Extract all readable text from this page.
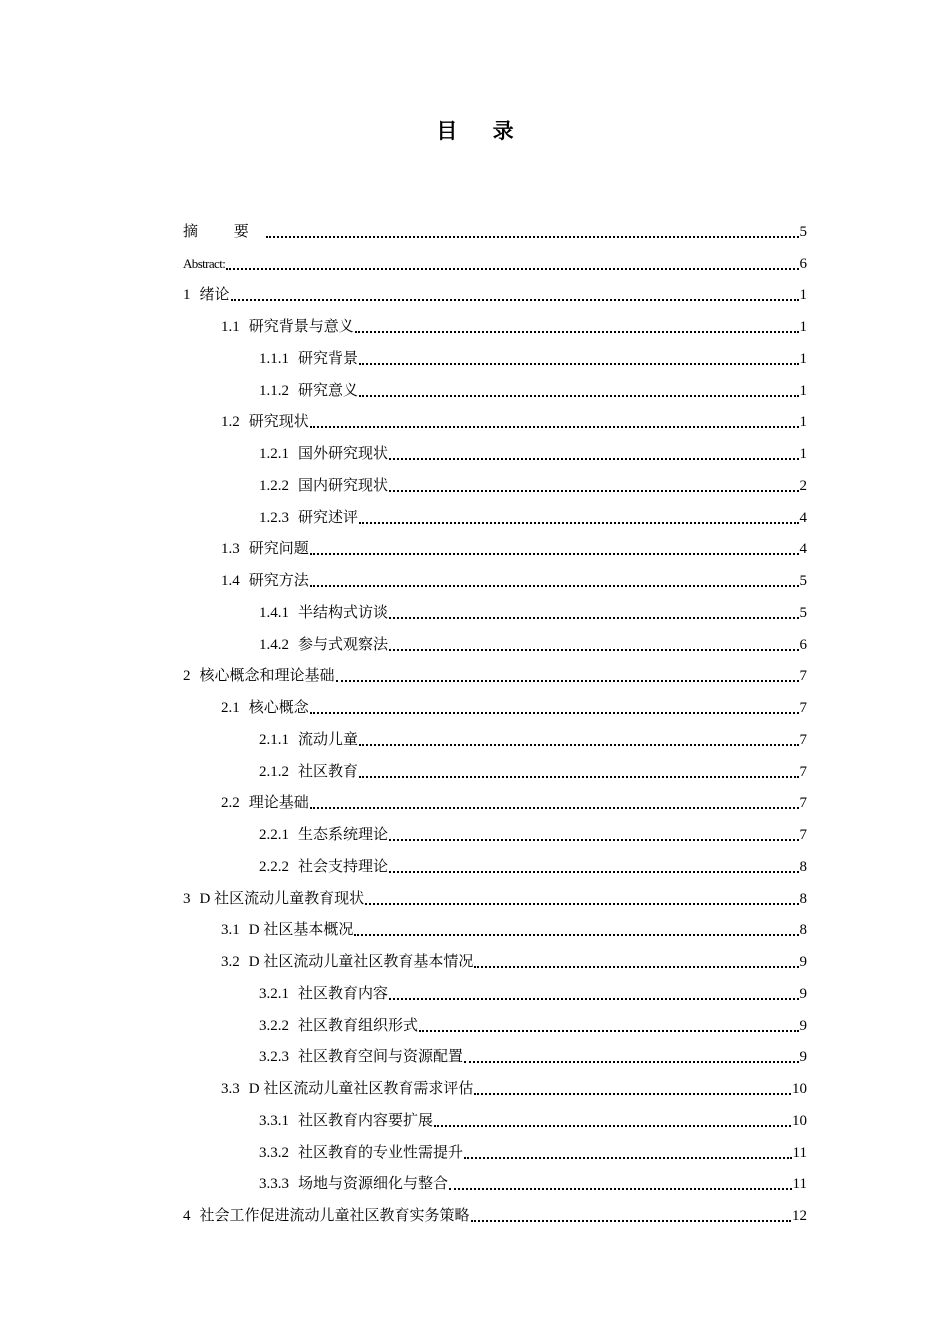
目 录
摘 要	5
Abstract:	6
1 绪论	1
1.1 研究背景与意义	1
1.1.1 研究背景	1
1.1.2 研究意义	1
1.2 研究现状	1
1.2.1 国外研究现状	1
1.2.2 国内研究现状	2
1.2.3 研究述评	4
1.3 研究问题	4
1.4 研究方法	5
1.4.1 半结构式访谈	5
1.4.2 参与式观察法	6
2 核心概念和理论基础	7
2.1 核心概念	7
2.1.1 流动儿童	7
2.1.2 社区教育	7
2.2 理论基础	7
2.2.1 生态系统理论	7
2.2.2 社会支持理论	8
3 D 社区流动儿童教育现状	8
3.1 D 社区基本概况	8
3.2 D 社区流动儿童社区教育基本情况	9
3.2.1 社区教育内容	9
3.2.2 社区教育组织形式	9
3.2.3 社区教育空间与资源配置	9
3.3 D 社区流动儿童社区教育需求评估	10
3.3.1 社区教育内容要扩展	10
3.3.2 社区教育的专业性需提升	11
3.3.3 场地与资源细化与整合	11
4 社会工作促进流动儿童社区教育实务策略	12
